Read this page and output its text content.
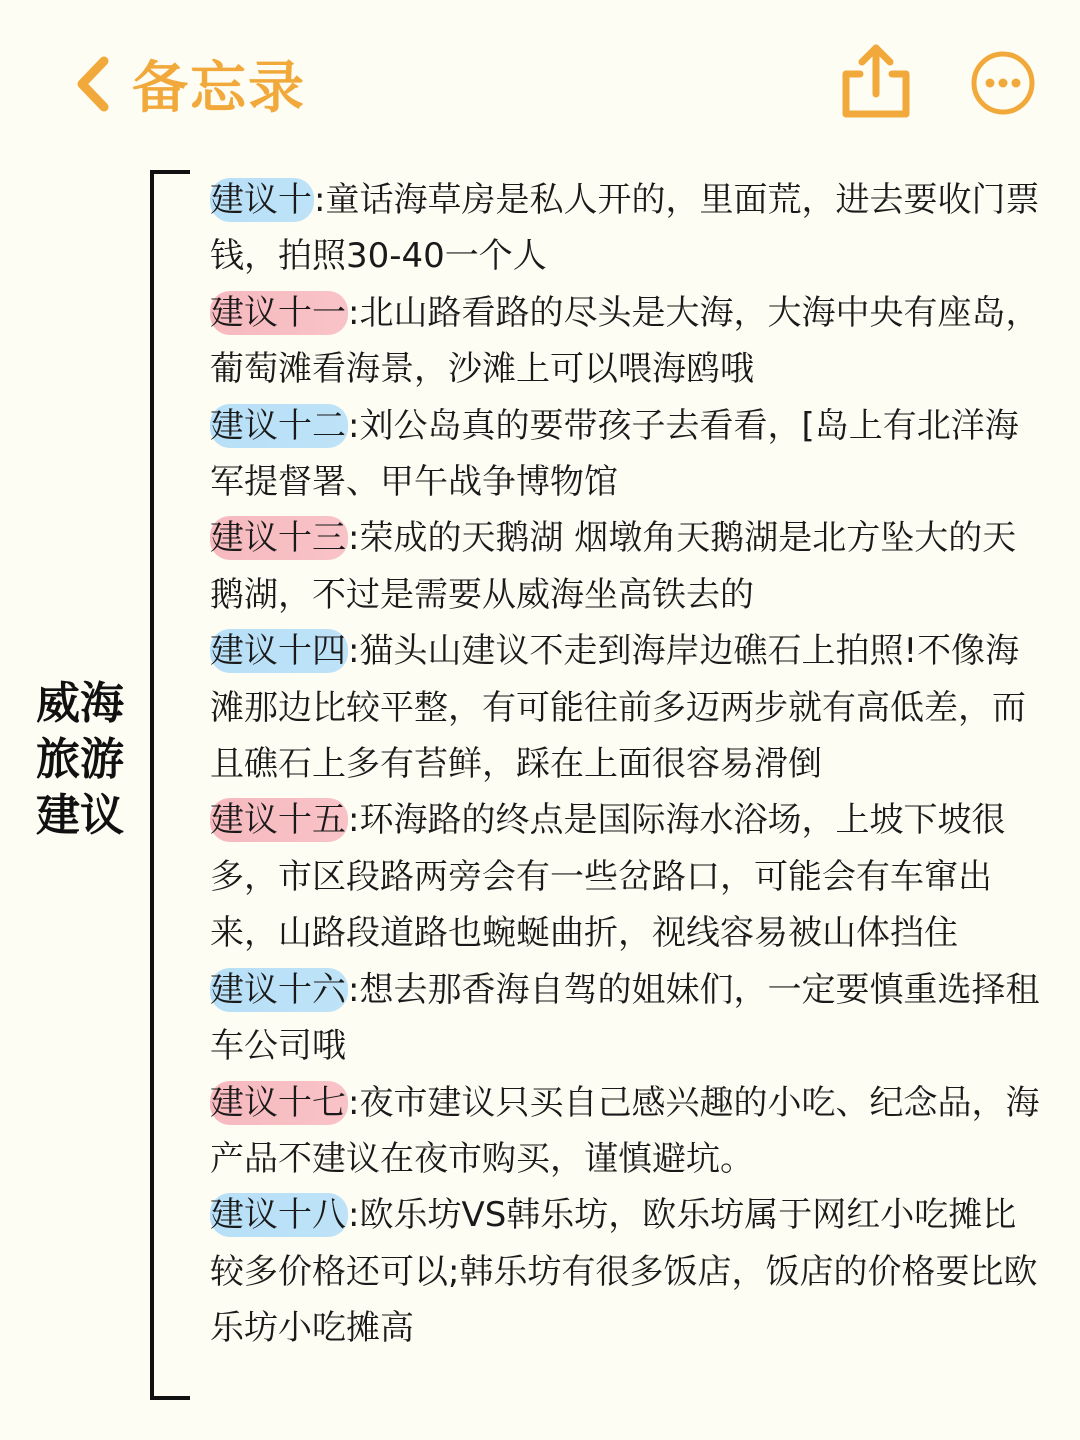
备忘录
威海
旅游
建议

建议十:童话海草房是私人开的，里面荒，进去要收门票钱，拍照30-40一个人

建议十一:北山路看路的尽头是大海，大海中央有座岛，葡萄滩看海景，沙滩上可以喂海鸥哦

建议十二:刘公岛真的要带孩子去看看，[岛上有北洋海军提督署、甲午战争博物馆

建议十三:荣成的天鹅湖 烟墩角天鹅湖是北方坠大的天鹅湖，不过是需要从威海坐高铁去的

建议十四:猫头山建议不走到海岸边礁石上拍照!不像海滩那边比较平整，有可能往前多迈两步就有高低差，而且礁石上多有苔鲜，踩在上面很容易滑倒

建议十五:环海路的终点是国际海水浴场，上坡下坡很多，市区段路两旁会有一些岔路口，可能会有车窜出来，山路段道路也蜿蜒曲折，视线容易被山体挡住

建议十六:想去那香海自驾的姐妹们，一定要慎重选择租车公司哦

建议十七:夜市建议只买自己感兴趣的小吃、纪念品，海产品不建议在夜市购买，谨慎避坑。

建议十八:欧乐坊VS韩乐坊，欧乐坊属于网红小吃摊比较多价格还可以;韩乐坊有很多饭店，饭店的价格要比欧乐坊小吃摊高
